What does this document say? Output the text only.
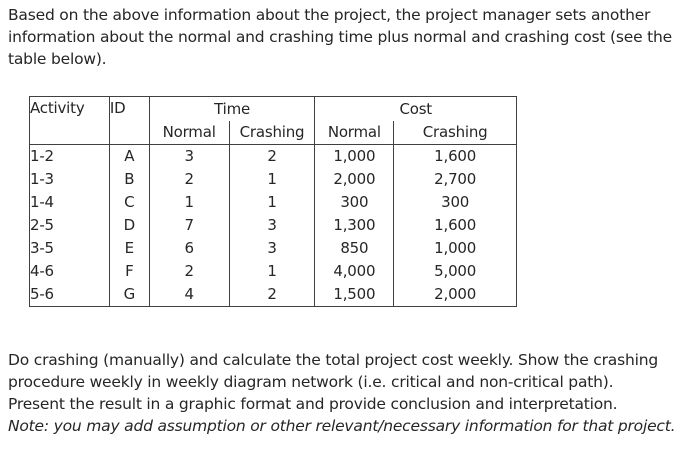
Based on the above information about the project, the project manager sets another
information about the normal and crashing time plus normal and crashing cost (see the
table below).
Activity	ID	Time		Cost	
		Normal	Crashing	Normal	Crashing
1-2	A	3	2	1,000	1,600
1-3	B	2	1	2,000	2,700
1-4	C	1	1	300	300
2-5	D	7	3	1,300	1,600
3-5	E	6	3	850	1,000
4-6	F	2	1	4,000	5,000
5-6	G	4	2	1,500	2,000

Do crashing (manually) and calculate the total project cost weekly. Show the crashing

procedure weekly in weekly diagram network (i.e. critical and non-critical path).

Present the result in a graphic format and provide conclusion and interpretation.

Note: you may add assumption or other relevant/necessary information for that project.
